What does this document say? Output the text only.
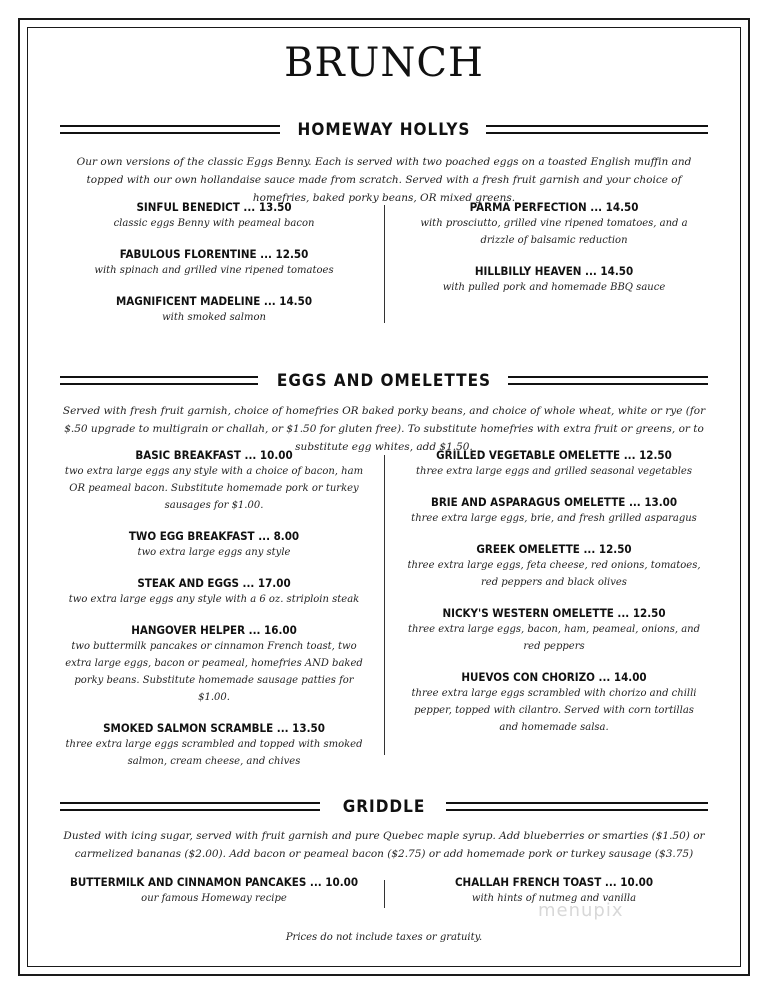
BRUNCH
HOMEWAY HOLLYS

Our own versions of the classic Eggs Benny. Each is served with two poached eggs on a toasted English muffin and topped with our own hollandaise sauce made from scratch. Served with a fresh fruit garnish and your choice of homefries, baked porky beans, OR mixed greens.

SINFUL BENEDICT ... 13.50
classic eggs Benny with peameal bacon
FABULOUS FLORENTINE ... 12.50
with spinach and grilled vine ripened tomatoes
MAGNIFICENT MADELINE ... 14.50
with smoked salmon
PARMA PERFECTION ... 14.50
with prosciutto, grilled vine ripened tomatoes, and a drizzle of balsamic reduction
HILLBILLY HEAVEN ... 14.50
with pulled pork and homemade BBQ sauce
EGGS AND OMELETTES

Served with fresh fruit garnish, choice of homefries OR baked porky beans, and choice of whole wheat, white or rye (for $.50 upgrade to multigrain or challah, or $1.50 for gluten free). To substitute homefries with extra fruit or greens, or to substitute egg whites, add $1.50.

BASIC BREAKFAST ... 10.00
two extra large eggs any style with a choice of bacon, ham OR peameal bacon. Substitute homemade pork or turkey sausages for $1.00.
TWO EGG BREAKFAST ... 8.00
two extra large eggs any style
STEAK AND EGGS ... 17.00
two extra large eggs any style with a 6 oz. striploin steak
HANGOVER HELPER ... 16.00
two buttermilk pancakes or cinnamon French toast, two extra large eggs, bacon or peameal, homefries AND baked porky beans. Substitute homemade sausage patties for $1.00.
SMOKED SALMON SCRAMBLE ... 13.50
three extra large eggs scrambled and topped with smoked salmon, cream cheese, and chives
GRILLED VEGETABLE OMELETTE ... 12.50
three extra large eggs and grilled seasonal vegetables
BRIE AND ASPARAGUS OMELETTE ... 13.00
three extra large eggs, brie, and fresh grilled asparagus
GREEK OMELETTE ... 12.50
three extra large eggs, feta cheese, red onions, tomatoes, red peppers and black olives
NICKY'S WESTERN OMELETTE ... 12.50
three extra large eggs, bacon, ham, peameal, onions, and red peppers
HUEVOS CON CHORIZO ... 14.00
three extra large eggs scrambled with chorizo and chilli pepper, topped with cilantro. Served with corn tortillas and homemade salsa.
GRIDDLE

Dusted with icing sugar, served with fruit garnish and pure Quebec maple syrup. Add blueberries or smarties ($1.50) or carmelized bananas ($2.00). Add bacon or peameal bacon ($2.75) or add homemade pork or turkey sausage ($3.75)

BUTTERMILK AND CINNAMON PANCAKES ... 10.00
our famous Homeway recipe
CHALLAH FRENCH TOAST ... 10.00
with hints of nutmeg and vanilla
menupix

Prices do not include taxes or gratuity.
